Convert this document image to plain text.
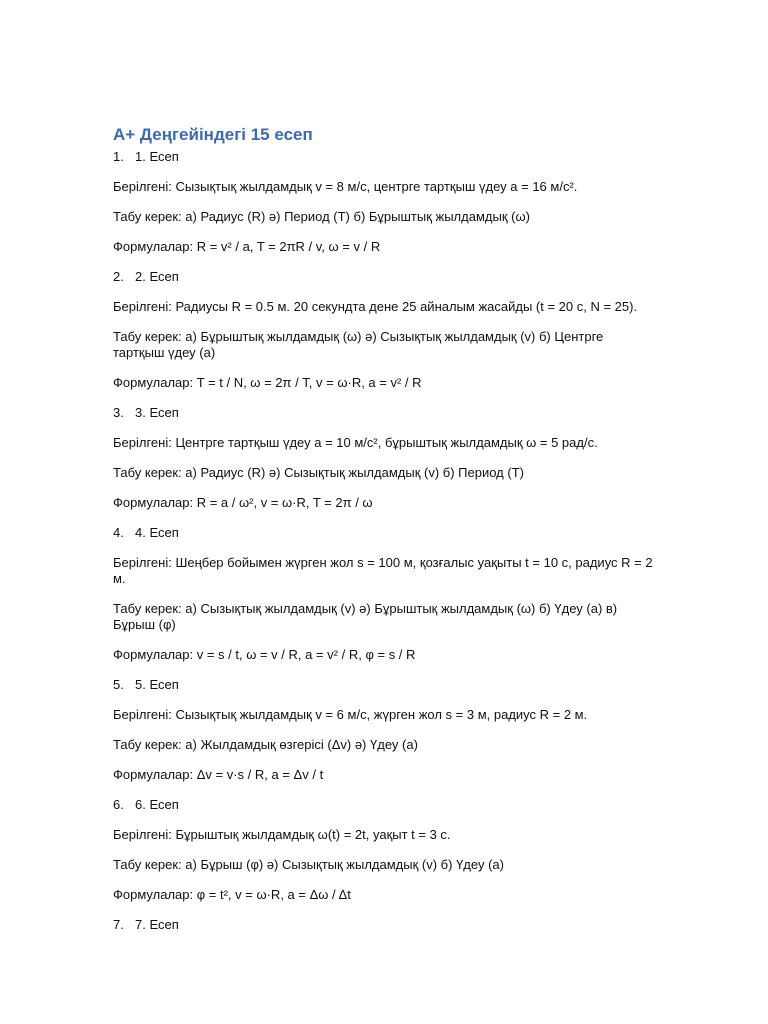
A+ Деңгейіндегі 15 есеп
1. 1. Есеп

Берілгені: Сызықтық жылдамдық v = 8 м/с, центрге тартқыш үдеу a = 16 м/с².

Табу керек: а) Радиус (R) ә) Период (T) б) Бұрыштық жылдамдық (ω)

Формулалар: R = v² / a, T = 2πR / v, ω = v / R

2. 2. Есеп

Берілгені: Радиусы R = 0.5 м. 20 секундта дене 25 айналым жасайды (t = 20 с, N = 25).

Табу керек: а) Бұрыштық жылдамдық (ω) ә) Сызықтық жылдамдық (v) б) Центрге тартқыш үдеу (a)

Формулалар: T = t / N, ω = 2π / T, v = ω·R, a = v² / R

3. 3. Есеп

Берілгені: Центрге тартқыш үдеу a = 10 м/с², бұрыштық жылдамдық ω = 5 рад/с.

Табу керек: а) Радиус (R) ә) Сызықтық жылдамдық (v) б) Период (T)

Формулалар: R = a / ω², v = ω·R, T = 2π / ω

4. 4. Есеп

Берілгені: Шеңбер бойымен жүрген жол s = 100 м, қозғалыс уақыты t = 10 с, радиус R = 2 м.

Табу керек: а) Сызықтық жылдамдық (v) ә) Бұрыштық жылдамдық (ω) б) Үдеу (a) в) Бұрыш (φ)

Формулалар: v = s / t, ω = v / R, a = v² / R, φ = s / R

5. 5. Есеп

Берілгені: Сызықтық жылдамдық v = 6 м/с, жүрген жол s = 3 м, радиус R = 2 м.

Табу керек: а) Жылдамдық өзгерісі (Δv) ә) Үдеу (a)

Формулалар: Δv = v·s / R, a = Δv / t

6. 6. Есеп

Берілгені: Бұрыштық жылдамдық ω(t) = 2t, уақыт t = 3 с.

Табу керек: а) Бұрыш (φ) ә) Сызықтық жылдамдық (v) б) Үдеу (a)

Формулалар: φ = t², v = ω·R, a = Δω / Δt

7. 7. Есеп
